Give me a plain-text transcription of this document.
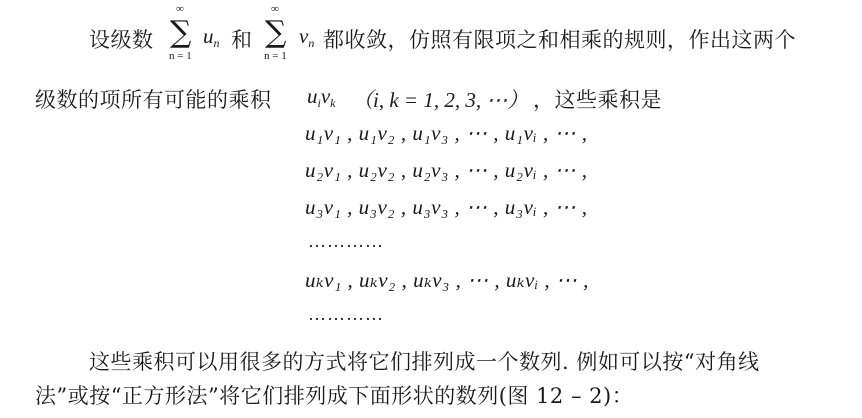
设级数
∞
∑
n = 1
$u_n$ 和
∞
∑
n = 1
$v_n$ 都收敛，仿照有限项之和相乘的规则，作出这两个
级数的项所有可能的乘积 $u_iv_k$ （i, k = 1, 2, 3, ⋯） ，这些乘积是
u₁v₁ , u₁v₂ , u₁v₃ , ⋯ , u₁vᵢ , ⋯ ,
u₂v₁ , u₂v₂ , u₂v₃ , ⋯ , u₂vᵢ , ⋯ ,
u₃v₁ , u₃v₂ , u₃v₃ , ⋯ , u₃vᵢ , ⋯ ,
…………
uₖv₁ , uₖv₂ , uₖv₃ , ⋯ , uₖvᵢ , ⋯ ,
…………
这些乘积可以用很多的方式将它们排列成一个数列. 例如可以按“对角线
法”或按“正方形法”将它们排列成下面形状的数列(图 12 – 2)：
